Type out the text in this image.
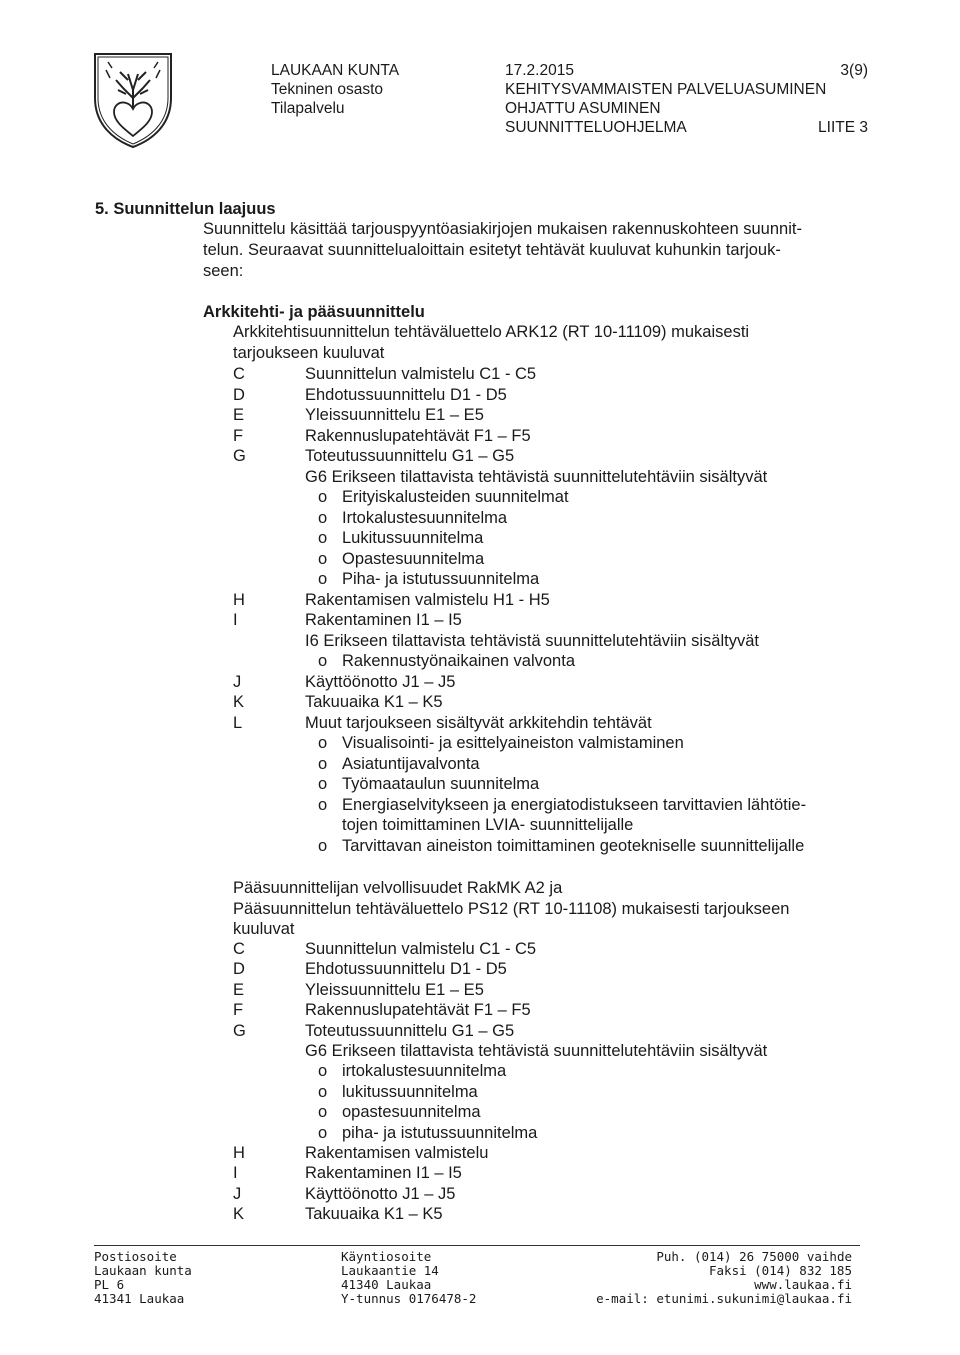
LAUKAAN KUNTA
Tekninen osasto
Tilapalvelu
17.2.2015
KEHITYSVAMMAISTEN PALVELUASUMINEN
OHJATTU ASUMINEN
SUUNNITTELUOHJELMA
3(9)
LIITE 3
5. Suunnittelun laajuus
Suunnittelu käsittää tarjouspyyntöasiakirjojen mukaisen rakennuskohteen suunnit-
telun. Seuraavat suunnittelualoittain esitetyt tehtävät kuuluvat kuhunkin tarjouk-
seen:
Arkkitehti- ja pääsuunnittelu
Arkkitehtisuunnittelun tehtäväluettelo ARK12 (RT 10-11109) mukaisesti
tarjoukseen kuuluvat
C	Suunnittelun valmistelu C1 - C5
D	Ehdotussuunnittelu D1 - D5
E	Yleissuunnittelu E1 – E5
F	Rakennuslupatehtävät F1 – F5
G	Toteutussuunnittelu G1 – G5
G6 Erikseen tilattavista tehtävistä suunnittelutehtäviin sisältyvät
o Erityiskalusteiden suunnitelmat
o Irtokalustesuunnitelma
o Lukitussuunnitelma
o Opastesuunnitelma
o Piha- ja istutussuunnitelma
H	Rakentamisen valmistelu H1 - H5
I	Rakentaminen I1 – I5
I6 Erikseen tilattavista tehtävistä suunnittelutehtäviin sisältyvät
o Rakennustyönaikainen valvonta
J	Käyttöönotto J1 – J5
K	Takuuaika K1 – K5
L	Muut tarjoukseen sisältyvät arkkitehdin tehtävät
o Visualisointi- ja esittelyaineiston valmistaminen
o Asiatuntijavalvonta
o Työmaataulun suunnitelma
o Energiaselvitykseen ja energiatodistukseen tarvittavien lähtötie-
tojen toimittaminen LVIA- suunnittelijalle
o Tarvittavan aineiston toimittaminen geotekniselle suunnittelijalle
Pääsuunnittelijan velvollisuudet RakMK A2 ja
Pääsuunnittelun tehtäväluettelo PS12 (RT 10-11108) mukaisesti tarjoukseen
kuuluvat
C	Suunnittelun valmistelu C1 - C5
D	Ehdotussuunnittelu D1 - D5
E	Yleissuunnittelu E1 – E5
F	Rakennuslupatehtävät F1 – F5
G	Toteutussuunnittelu G1 – G5
G6 Erikseen tilattavista tehtävistä suunnittelutehtäviin sisältyvät
o irtokalustesuunnitelma
o lukitussuunnitelma
o opastesuunnitelma
o piha- ja istutussuunnitelma
H	Rakentamisen valmistelu
I	Rakentaminen I1 – I5
J	Käyttöönotto J1 – J5
K	Takuuaika K1 – K5
Postiosoite
Laukaan kunta
PL 6
41341 Laukaa
Käyntiosoite
Laukaantie 14
41340 Laukaa
Y-tunnus 0176478-2
Puh. (014) 26 75000 vaihde
Faksi (014) 832 185
www.laukaa.fi
e-mail: etunimi.sukunimi@laukaa.fi
